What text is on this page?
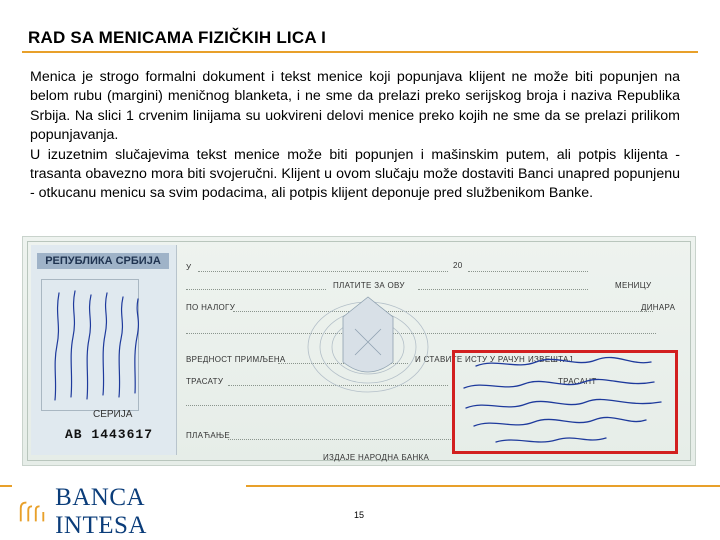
RAD SA MENICAMA FIZIČKIH LICA I

Menica je strogo formalni dokument i tekst menice koji popunjava klijent ne može biti popunjen na belom rubu (margini) meničnog blanketa, i ne sme da prelazi preko serijskog broja i naziva Republika Srbija. Na slici 1 crvenim linijama su uokvireni delovi menice preko kojih ne sme da se prelazi prilikom popunjavanja.

U izuzetnim slučajevima tekst menice može biti popunjen i mašinskim putem, ali potpis klijenta - trasanta obavezno mora biti svojeručni. Klijent u ovom slučaju može dostaviti Banci unapred popunjenu - otkucanu menicu sa svim podacima, ali potpis klijent deponuje pred službenikom Banke.

РЕПУБЛИКА СРБИЈА
СЕРИЈА
АВ 1443617
У	20
ПЛАТИТЕ ЗА ОВУ	МЕНИЦУ
ПО НАЛОГУ	ДИНАРА
ВРЕДНОСТ ПРИМЉЕНА	И СТАВИТЕ ИСТУ У РАЧУН ИЗВЕШТАЈ
ТРАСАТУ	ТРАСАНТ
ПЛАЋАЊЕ
ИЗДАЈЕ НАРОДНА БАНКА
BANCA INTESA	15
